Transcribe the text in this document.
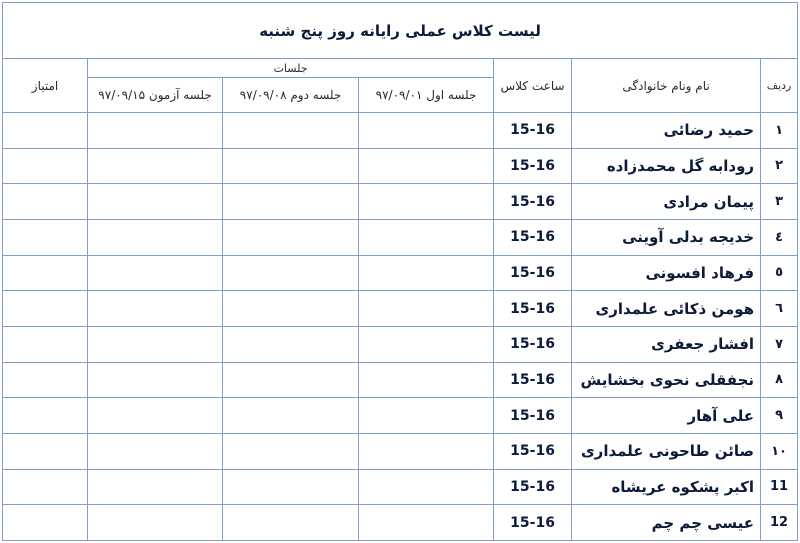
لیست کلاس عملی رایانه روز پنج شنبه						
ردیف	نام ونام خانوادگی	ساعت کلاس	جلسات			امتیاز
			جلسه اول ۹۷/۰۹/۰۱	جلسه دوم ۹۷/۰۹/۰۸	جلسه آزمون ۹۷/۰۹/۱۵	
۱	حمید رضائی	15-16				
۲	رودابه گل محمدزاده	15-16				
۳	پیمان مرادی	15-16				
٤	خدیجه بدلی آوینی	15-16				
٥	فرهاد افسونی	15-16				
٦	هومن ذکائی علمداری	15-16				
۷	افشار جعفری	15-16				
۸	نجفقلی نحوی بخشایش	15-16				
۹	علی آهار	15-16				
۱۰	صائن طاحونی علمداری	15-16				
11	اکبر پشکوه عریشاه	15-16				
12	عیسی چم چم	15-16				
